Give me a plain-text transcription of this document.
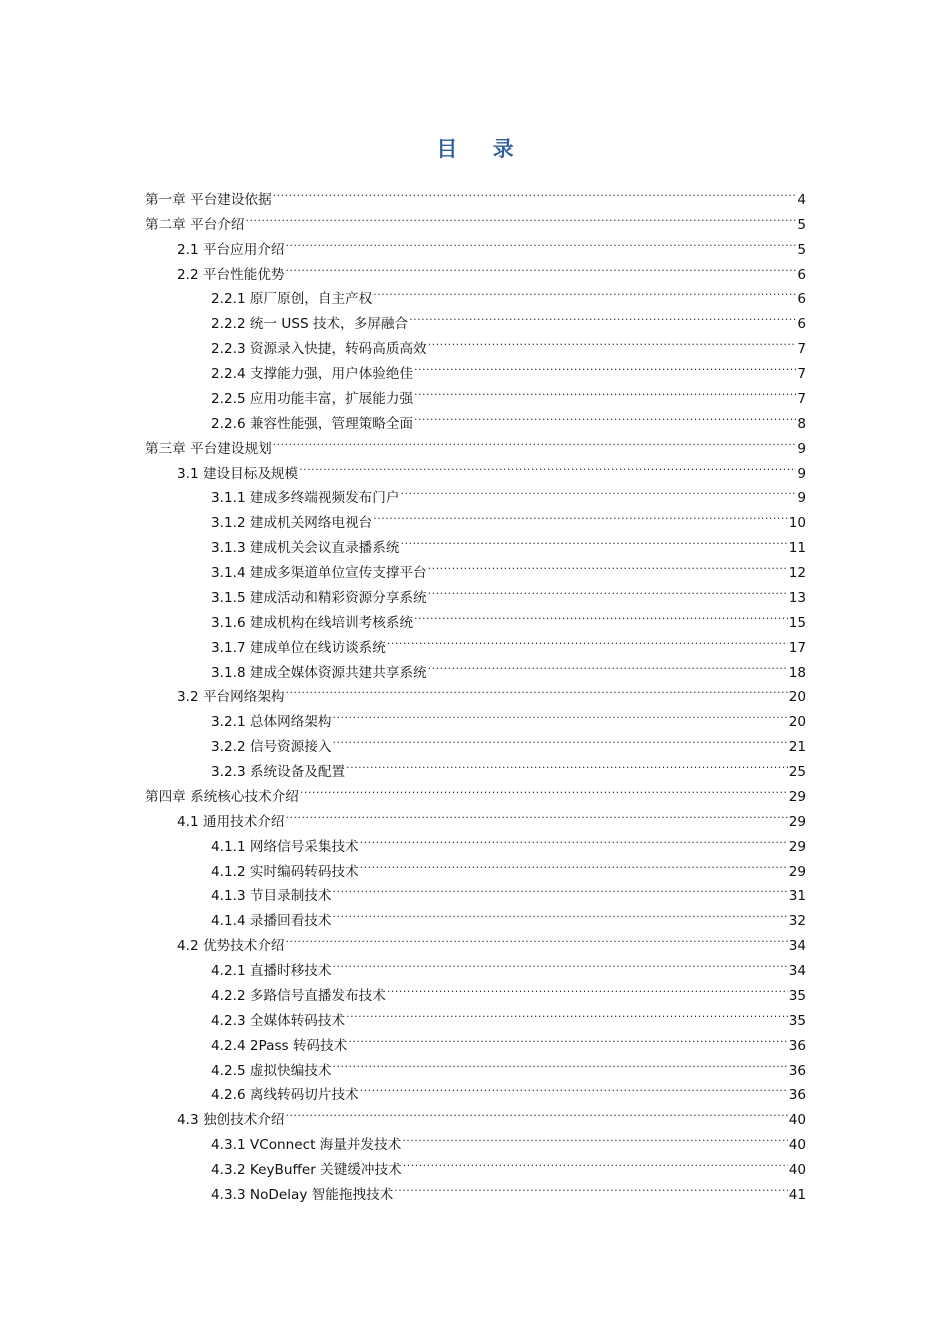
目 录
第一章 平台建设依据 .....	4
第二章 平台介绍 .....	5
2.1 平台应用介绍 .....	5
2.2 平台性能优势 .....	6
2.2.1 原厂原创，自主产权 .....	6
2.2.2 统一 USS 技术，多屏融合 .....	6
2.2.3 资源录入快捷，转码高质高效 .....	7
2.2.4 支撑能力强，用户体验绝佳 .....	7
2.2.5 应用功能丰富，扩展能力强 .....	7
2.2.6 兼容性能强，管理策略全面 .....	8
第三章 平台建设规划 .....	9
3.1 建设目标及规模 .....	9
3.1.1 建成多终端视频发布门户 .....	9
3.1.2 建成机关网络电视台 .....	10
3.1.3 建成机关会议直录播系统 .....	11
3.1.4 建成多渠道单位宣传支撑平台 .....	12
3.1.5 建成活动和精彩资源分享系统 .....	13
3.1.6 建成机构在线培训考核系统 .....	15
3.1.7 建成单位在线访谈系统 .....	17
3.1.8 建成全媒体资源共建共享系统 .....	18
3.2 平台网络架构 .....	20
3.2.1 总体网络架构 .....	20
3.2.2 信号资源接入 .....	21
3.2.3 系统设备及配置 .....	25
第四章 系统核心技术介绍 .....	29
4.1 通用技术介绍 .....	29
4.1.1 网络信号采集技术 .....	29
4.1.2 实时编码转码技术 .....	29
4.1.3 节目录制技术 .....	31
4.1.4 录播回看技术 .....	32
4.2 优势技术介绍 .....	34
4.2.1 直播时移技术 .....	34
4.2.2 多路信号直播发布技术 .....	35
4.2.3 全媒体转码技术 .....	35
4.2.4 2Pass 转码技术 .....	36
4.2.5 虚拟快编技术 .....	36
4.2.6 离线转码切片技术 .....	36
4.3 独创技术介绍 .....	40
4.3.1 VConnect 海量并发技术 .....	40
4.3.2 KeyBuffer 关键缓冲技术 .....	40
4.3.3 NoDelay 智能拖拽技术 .....	41
